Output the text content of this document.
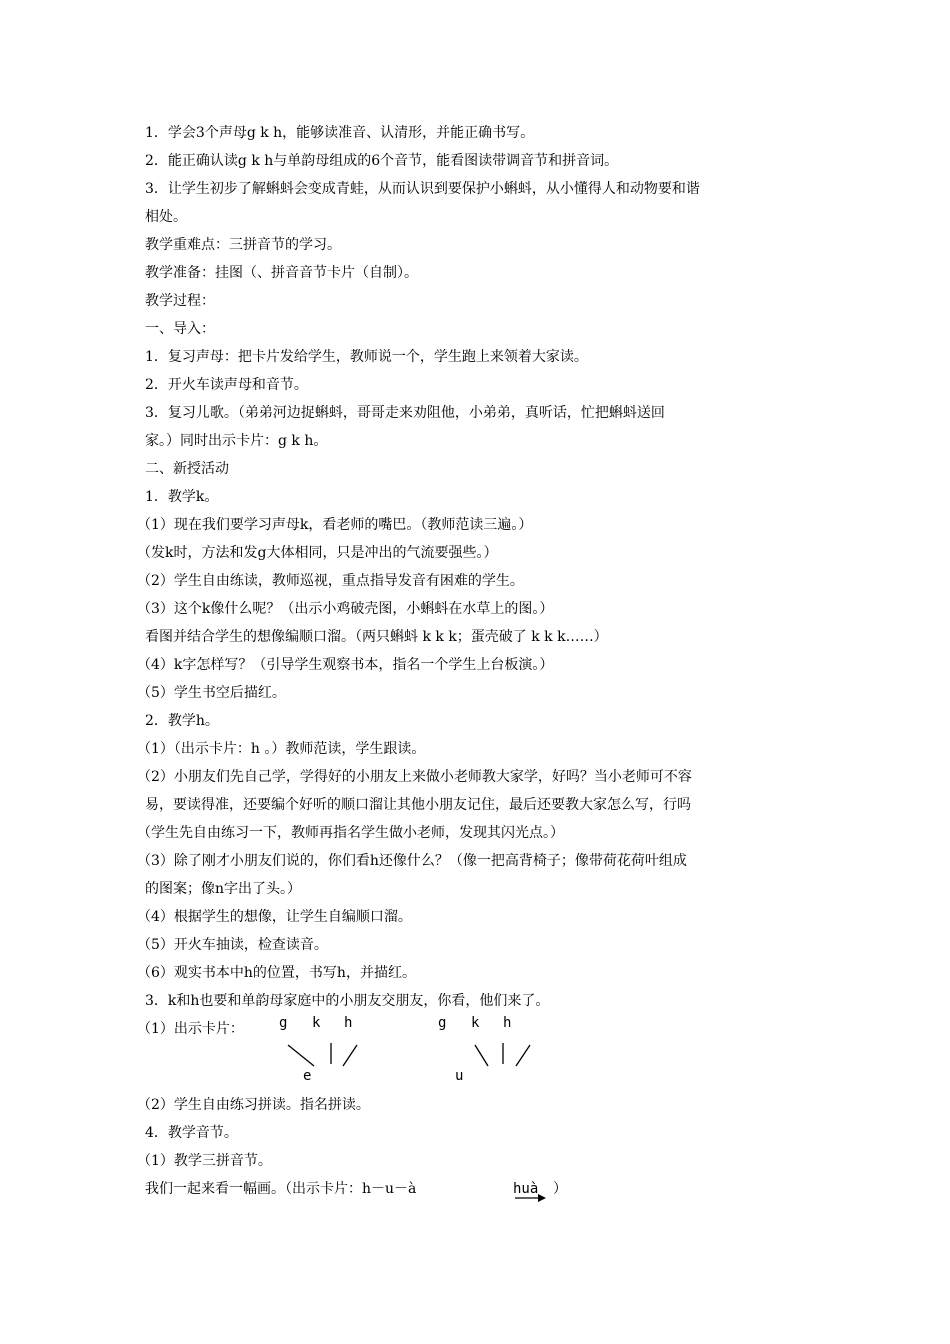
1．学会3个声母g k h，能够读准音、认清形，并能正确书写。
2．能正确认读g k h与单韵母组成的6个音节，能看图读带调音节和拼音词。
3．让学生初步了解蝌蚪会变成青蛙，从而认识到要保护小蝌蚪，从小懂得人和动物要和谐
相处。
教学重难点：三拼音节的学习。
教学准备：挂图（、拼音音节卡片（自制）。
教学过程：
一、导入：
1．复习声母：把卡片发给学生，教师说一个，学生跑上来领着大家读。
2．开火车读声母和音节。
3．复习儿歌。（弟弟河边捉蝌蚪，哥哥走来劝阻他，小弟弟，真听话，忙把蝌蚪送回
家。）同时出示卡片：g k h。
二、新授活动
1．教学k。
（1）现在我们要学习声母k，看老师的嘴巴。（教师范读三遍。）
（发k时，方法和发g大体相同，只是冲出的气流要强些。）
（2）学生自由练读，教师巡视，重点指导发音有困难的学生。
（3）这个k像什么呢？（出示小鸡破壳图，小蝌蚪在水草上的图。）
看图并结合学生的想像编顺口溜。（两只蝌蚪 k k k；蛋壳破了 k k k……）
（4）k字怎样写？（引导学生观察书本，指名一个学生上台板演。）
（5）学生书空后描红。
2．教学h。
（1）（出示卡片：h 。）教师范读，学生跟读。
（2）小朋友们先自己学，学得好的小朋友上来做小老师教大家学，好吗？当小老师可不容
易，要读得准，还要编个好听的顺口溜让其他小朋友记住，最后还要教大家怎么写，行吗
（学生先自由练习一下，教师再指名学生做小老师，发现其闪光点。）
（3）除了刚才小朋友们说的，你们看h还像什么？（像一把高背椅子；像带荷花荷叶组成
的图案；像n字出了头。）
（4）根据学生的想像，让学生自编顺口溜。
（5）开火车抽读，检查读音。
（6）观实书本中h的位置，书写h，并描红。
3．k和h也要和单韵母家庭中的小朋友交朋友，你看，他们来了。
（1）出示卡片：	g k h
e
g k h
u
（2）学生自由练习拼读。指名拼读。
4．教学音节。
（1）教学三拼音节。
我们一起来看一幅画。（出示卡片：h－u－à	huà ）
